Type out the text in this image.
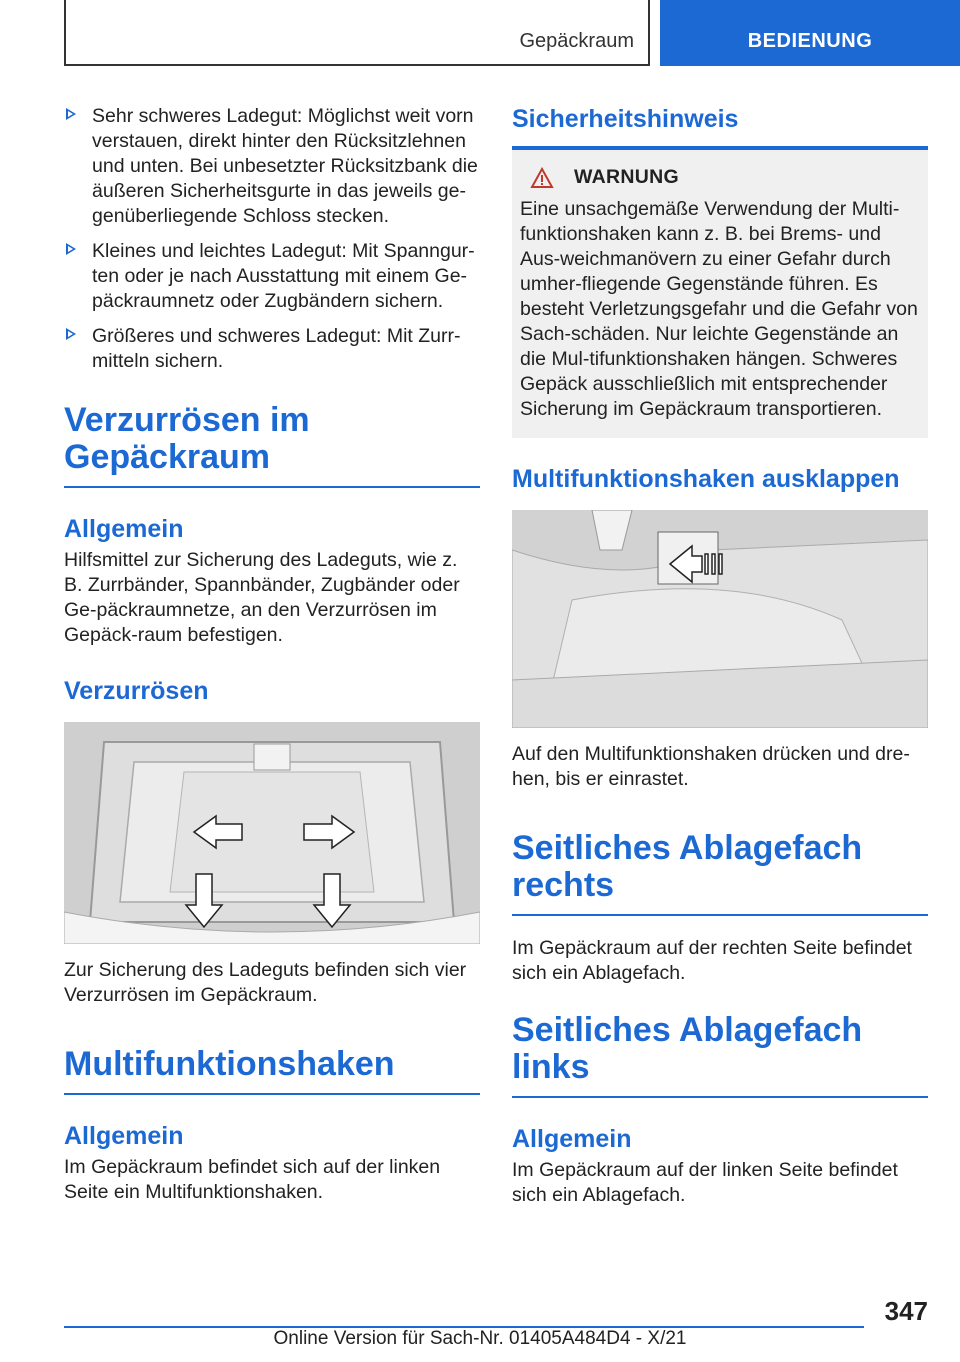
Gepäckraum	BEDIENUNG
Sehr schweres Ladegut: Möglichst weit vorn verstauen, direkt hinter den Rücksitzlehnen und unten. Bei unbesetzter Rücksitzbank die äußeren Sicherheitsgurte in das jeweils ge‐genüberliegende Schloss stecken.
Kleines und leichtes Ladegut: Mit Spanngur‐ten oder je nach Ausstattung mit einem Ge‐päckraumnetz oder Zugbändern sichern.
Größeres und schweres Ladegut: Mit Zurr‐mitteln sichern.
Verzurrösen im Gepäckraum
Allgemein
Hilfsmittel zur Sicherung des Ladeguts, wie z. B. Zurrbänder, Spannbänder, Zugbänder oder Ge‐päckraumnetze, an den Verzurrösen im Gepäck‐raum befestigen.
Verzurrösen
Zur Sicherung des Ladeguts befinden sich vier Verzurrösen im Gepäckraum.
Multifunktionshaken
Allgemein
Im Gepäckraum befindet sich auf der linken Seite ein Multifunktionshaken.
Sicherheitshinweis
WARNUNG
Eine unsachgemäße Verwendung der Multi‐funktionshaken kann z. B. bei Brems- und Aus‐weichmanövern zu einer Gefahr durch umher‐fliegende Gegenstände führen. Es besteht Verletzungsgefahr und die Gefahr von Sach‐schäden. Nur leichte Gegenstände an die Mul‐tifunktionshaken hängen. Schweres Gepäck ausschließlich mit entsprechender Sicherung im Gepäckraum transportieren.
Multifunktionshaken ausklappen
Auf den Multifunktionshaken drücken und dre‐hen, bis er einrastet.
Seitliches Ablagefach rechts
Im Gepäckraum auf der rechten Seite befindet sich ein Ablagefach.
Seitliches Ablagefach links
Allgemein
Im Gepäckraum auf der linken Seite befindet sich ein Ablagefach.
347
Online Version für Sach-Nr. 01405A484D4 - X/21
